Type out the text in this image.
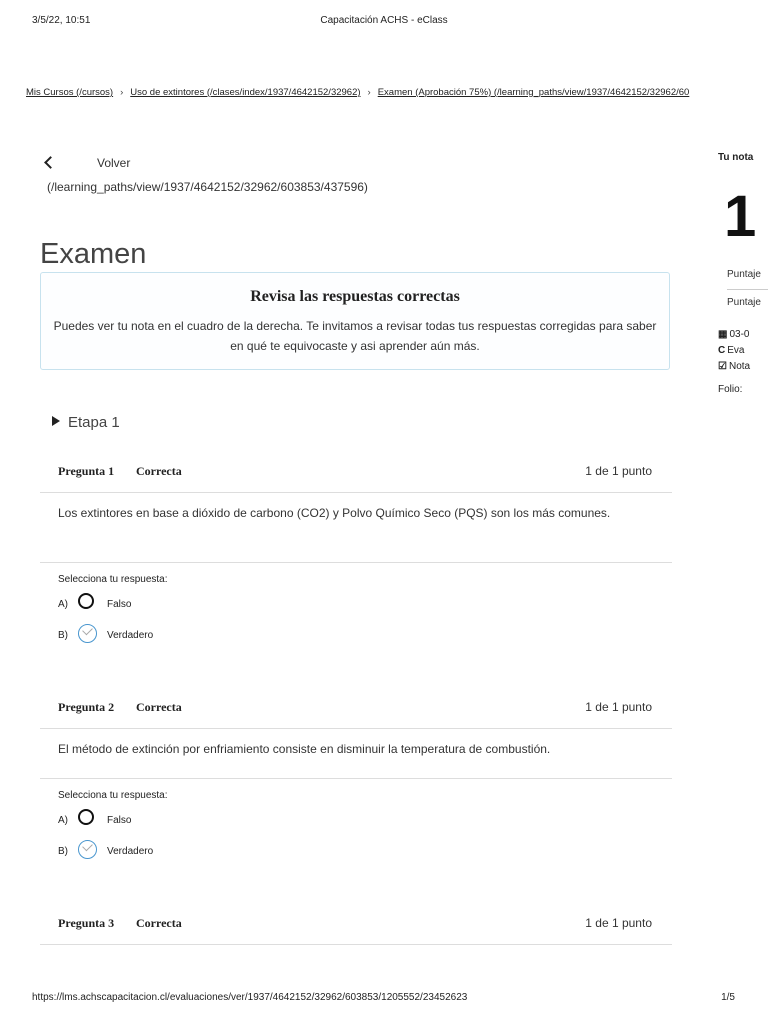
3/5/22, 10:51	Capacitación ACHS - eClass
Mis Cursos (/cursos) › Uso de extintores (/clases/index/1937/4642152/32962) › Examen (Aprobación 75%) (/learning_paths/view/1937/4642152/32962/60
Volver
(/learning_paths/view/1937/4642152/32962/603853/437596)
Examen
Revisa las respuestas correctas
Puedes ver tu nota en el cuadro de la derecha. Te invitamos a revisar todas tus respuestas corregidas para saber en qué te equivocaste y asi aprender aún más.
Etapa 1
Pregunta 1 Correcta	1 de 1 punto
Los extintores en base a dióxido de carbono (CO2) y Polvo Químico Seco (PQS) son los más comunes.
Selecciona tu respuesta:
A)	Falso
B)	Verdadero
Pregunta 2 Correcta	1 de 1 punto
El método de extinción por enfriamiento consiste en disminuir la temperatura de combustión.
Selecciona tu respuesta:
A)	Falso
B)	Verdadero
Pregunta 3 Correcta	1 de 1 punto
Tu nota
1
Puntaje
Puntaje
▦ 03-0
C Eva
☑ Nota
Folio:
https://lms.achscapacitacion.cl/evaluaciones/ver/1937/4642152/32962/603853/1205552/23452623	1/5
